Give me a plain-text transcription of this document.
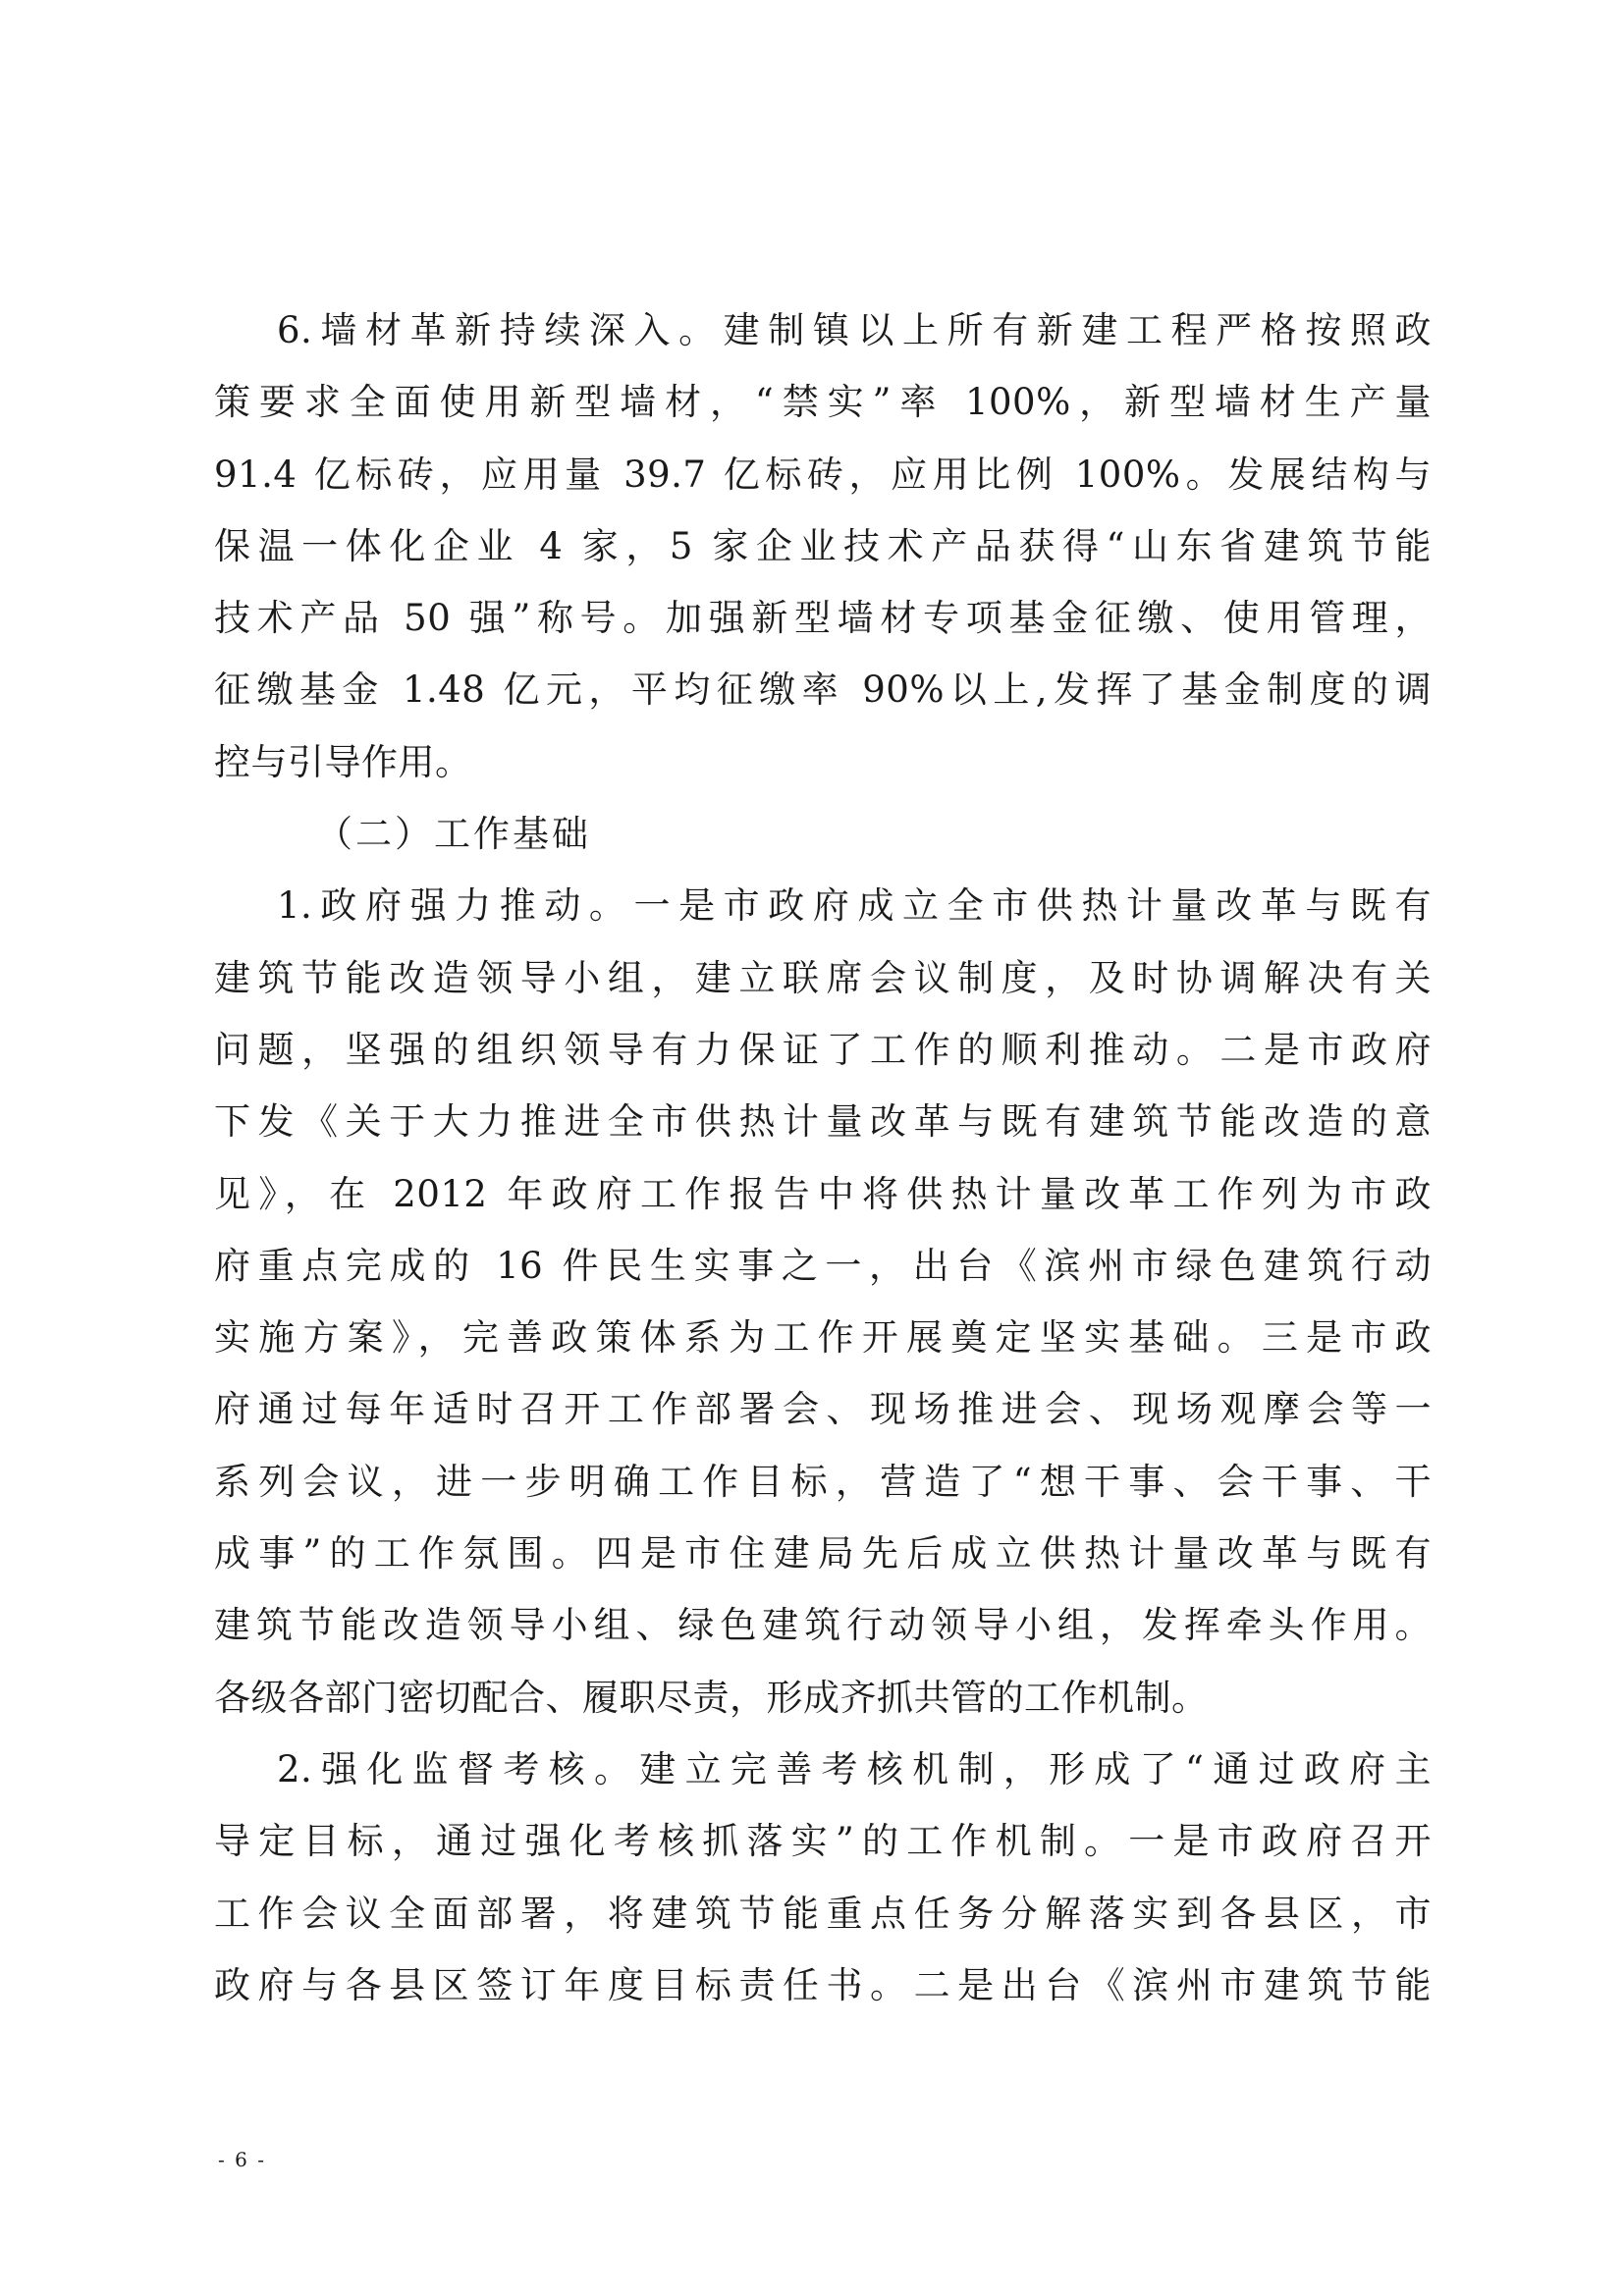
6.墙材革新持续深入。建制镇以上所有新建工程严格按照政
策要求全面使用新型墙材，“禁实”率 100%，新型墙材生产量
91.4 亿标砖，应用量 39.7 亿标砖，应用比例 100%。发展结构与
保温一体化企业 4 家，5 家企业技术产品获得“山东省建筑节能
技术产品 50 强”称号。加强新型墙材专项基金征缴、使用管理，
征缴基金 1.48 亿元，平均征缴率 90%以上,发挥了基金制度的调
控与引导作用。
（二）工作基础
1.政府强力推动。一是市政府成立全市供热计量改革与既有
建筑节能改造领导小组，建立联席会议制度，及时协调解决有关
问题，坚强的组织领导有力保证了工作的顺利推动。二是市政府
下发《关于大力推进全市供热计量改革与既有建筑节能改造的意
见》，在 2012 年政府工作报告中将供热计量改革工作列为市政
府重点完成的 16 件民生实事之一，出台《滨州市绿色建筑行动
实施方案》，完善政策体系为工作开展奠定坚实基础。三是市政
府通过每年适时召开工作部署会、现场推进会、现场观摩会等一
系列会议，进一步明确工作目标，营造了“想干事、会干事、干
成事”的工作氛围。四是市住建局先后成立供热计量改革与既有
建筑节能改造领导小组、绿色建筑行动领导小组，发挥牵头作用。
各级各部门密切配合、履职尽责，形成齐抓共管的工作机制。
2.强化监督考核。建立完善考核机制，形成了“通过政府主
导定目标，通过强化考核抓落实”的工作机制。一是市政府召开
工作会议全面部署，将建筑节能重点任务分解落实到各县区，市
政府与各县区签订年度目标责任书。二是出台《滨州市建筑节能
- 6 -
